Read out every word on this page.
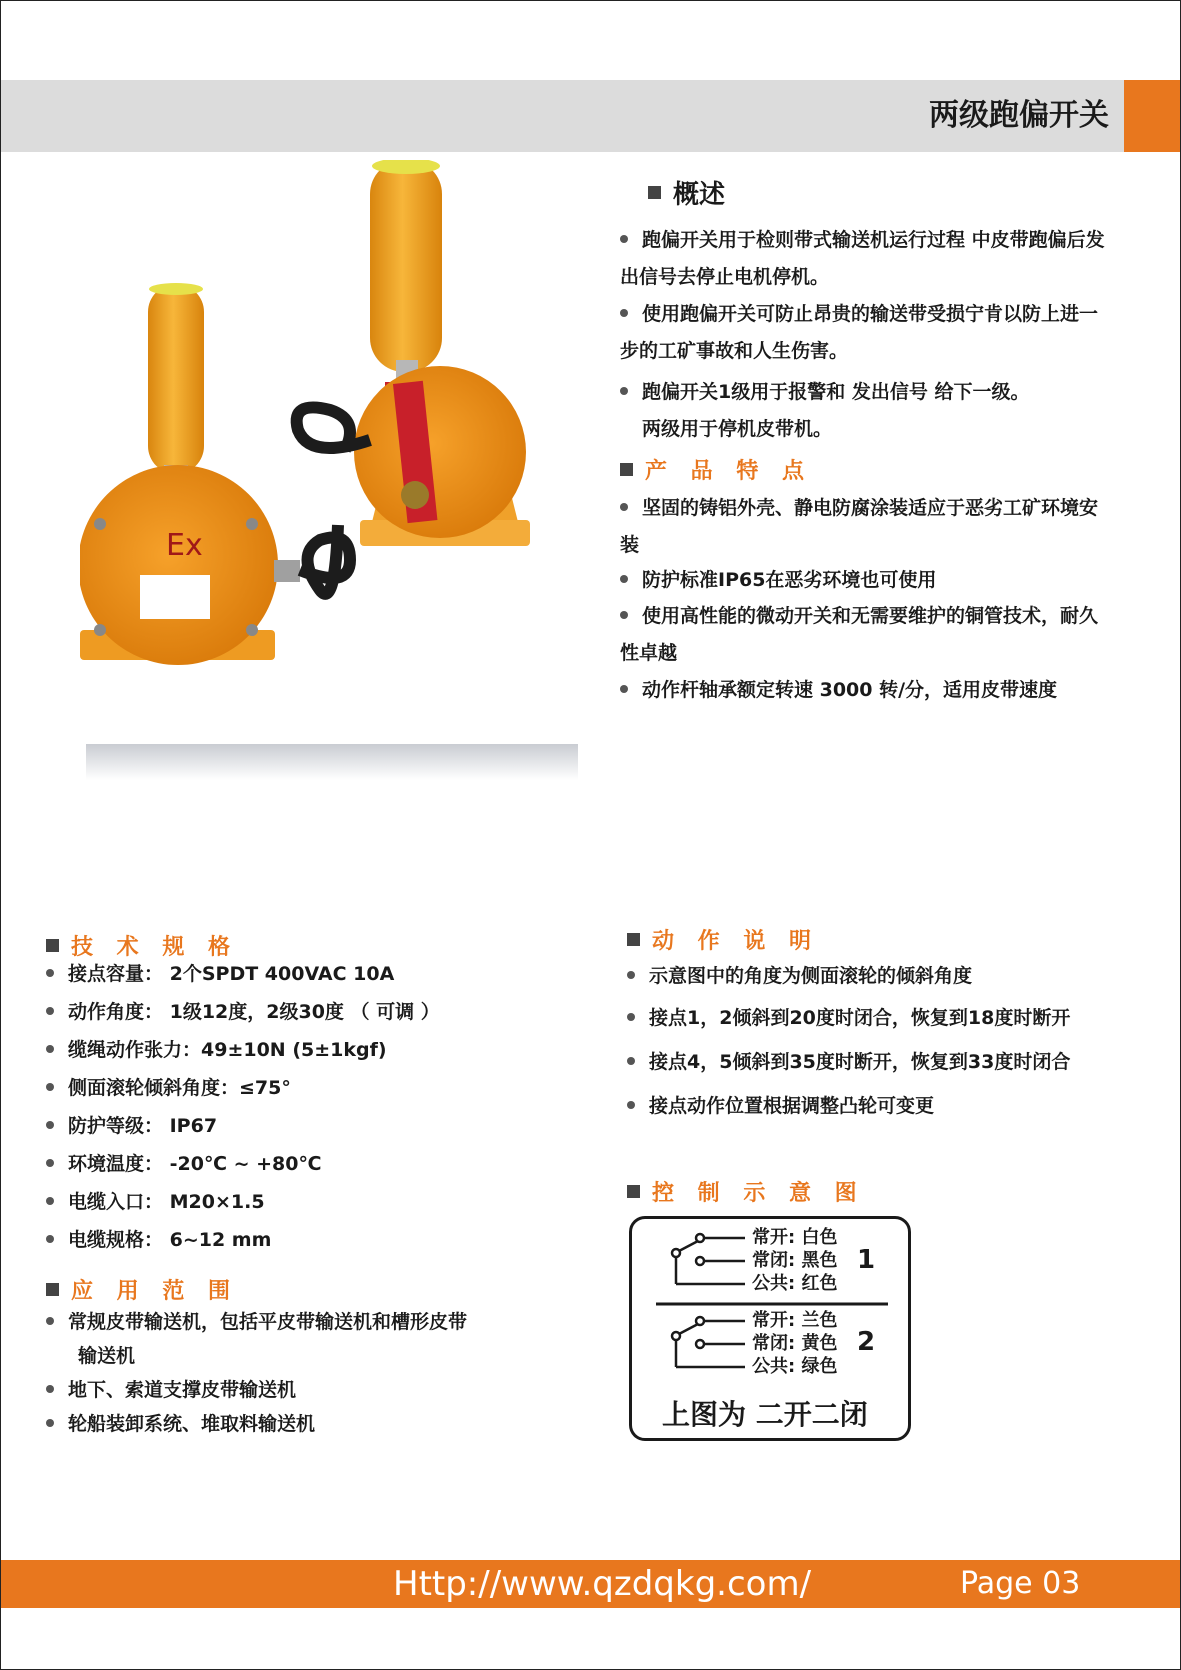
两级跑偏开关
Ex
概述
跑偏开关用于检则带式输送机运行过程 中皮带跑偏后发
出信号去停止电机停机。
使用跑偏开关可防止昂贵的输送带受损宁肯以防上进一
步的工矿事故和人生伤害。
跑偏开关1级用于报警和 发出信号 给下一级。
两级用于停机皮带机。
产 品 特 点
坚固的铸铝外壳、静电防腐涂装适应于恶劣工矿环境安
装
防护标准IP65在恶劣环境也可使用
使用高性能的微动开关和无需要维护的铜管技术，耐久
性卓越
动作杆轴承额定转速 3000 转/分，适用皮带速度
技 术 规 格
接点容量： 2个SPDT 400VAC 10A
动作角度： 1级12度，2级30度 （ 可调 ）
缆绳动作张力：49±10N (5±1kgf)
侧面滚轮倾斜角度：≤75°
防护等级： IP67
环境温度： -20℃ ~ +80℃
电缆入口： M20×1.5
电缆规格： 6~12 mm
应 用 范 围
常规皮带输送机，包括平皮带输送机和槽形皮带
输送机
地下、索道支撑皮带输送机
轮船装卸系统、堆取料输送机
动 作 说 明
示意图中的角度为侧面滚轮的倾斜角度
接点1，2倾斜到20度时闭合，恢复到18度时断开
接点4，5倾斜到35度时断开，恢复到33度时闭合
接点动作位置根据调整凸轮可变更
控 制 示 意 图
常开: 白色
常闭: 黑色
公共: 红色
1
常开: 兰色
常闭: 黄色
公共: 绿色
2
上图为 二开二闭
Http://www.qzdqkg.com/	Page 03
